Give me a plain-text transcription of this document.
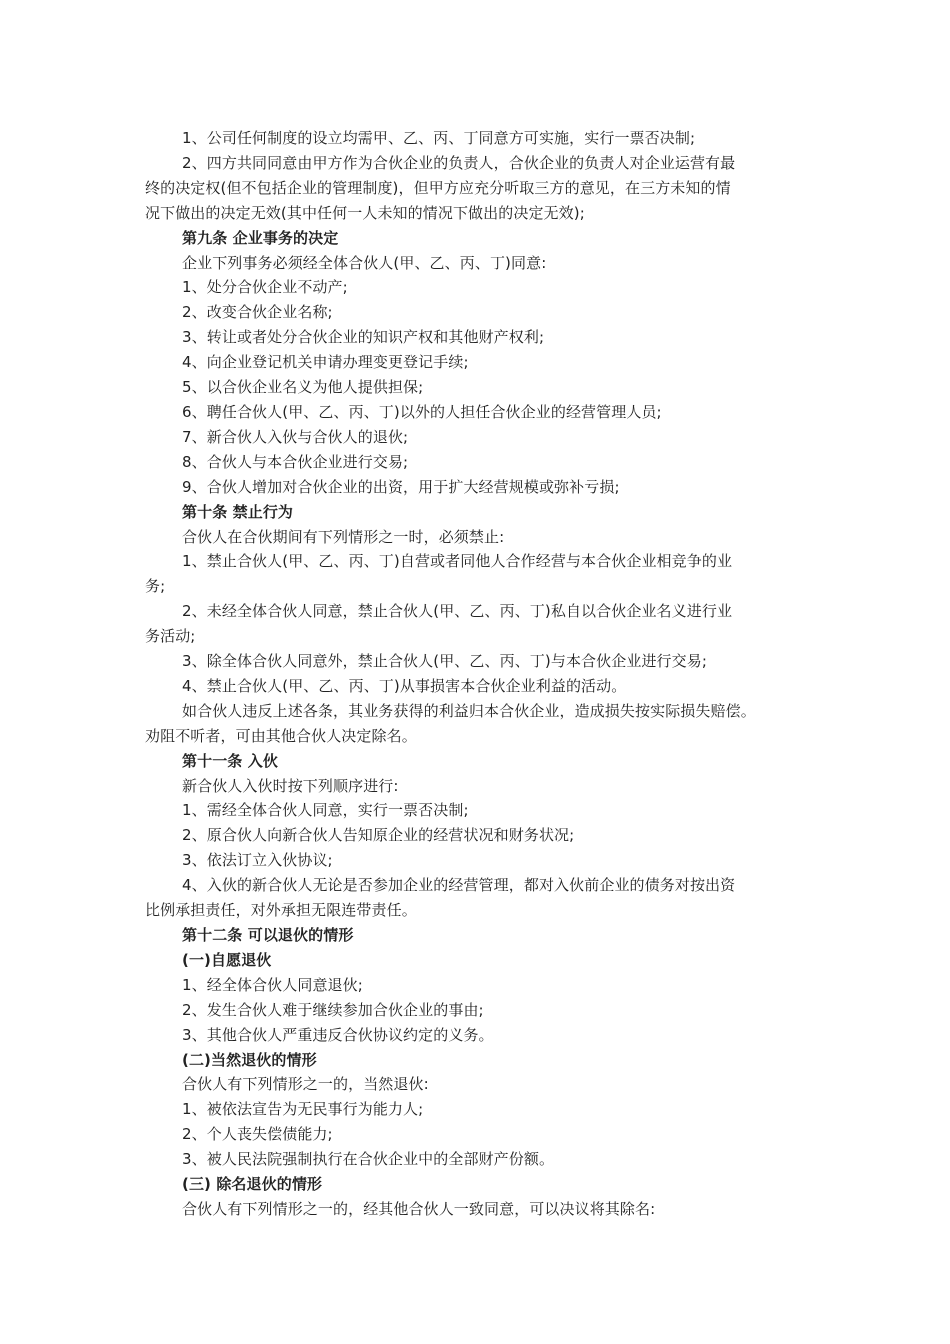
1、公司任何制度的设立均需甲、乙、丙、丁同意方可实施，实行一票否决制;
2、四方共同同意由甲方作为合伙企业的负责人，合伙企业的负责人对企业运营有最
终的决定权(但不包括企业的管理制度)，但甲方应充分听取三方的意见，在三方未知的情
况下做出的决定无效(其中任何一人未知的情况下做出的决定无效);
第九条 企业事务的决定
企业下列事务必须经全体合伙人(甲、乙、丙、丁)同意:
1、处分合伙企业不动产;
2、改变合伙企业名称;
3、转让或者处分合伙企业的知识产权和其他财产权利;
4、向企业登记机关申请办理变更登记手续;
5、以合伙企业名义为他人提供担保;
6、聘任合伙人(甲、乙、丙、丁)以外的人担任合伙企业的经营管理人员;
7、新合伙人入伙与合伙人的退伙;
8、合伙人与本合伙企业进行交易;
9、合伙人增加对合伙企业的出资，用于扩大经营规模或弥补亏损;
第十条 禁止行为
合伙人在合伙期间有下列情形之一时，必须禁止:
1、禁止合伙人(甲、乙、丙、丁)自营或者同他人合作经营与本合伙企业相竞争的业
务;
2、未经全体合伙人同意，禁止合伙人(甲、乙、丙、丁)私自以合伙企业名义进行业
务活动;
3、除全体合伙人同意外，禁止合伙人(甲、乙、丙、丁)与本合伙企业进行交易;
4、禁止合伙人(甲、乙、丙、丁)从事损害本合伙企业利益的活动。
如合伙人违反上述各条，其业务获得的利益归本合伙企业，造成损失按实际损失赔偿。
劝阻不听者，可由其他合伙人决定除名。
第十一条 入伙
新合伙人入伙时按下列顺序进行:
1、需经全体合伙人同意，实行一票否决制;
2、原合伙人向新合伙人告知原企业的经营状况和财务状况;
3、依法订立入伙协议;
4、入伙的新合伙人无论是否参加企业的经营管理，都对入伙前企业的债务对按出资
比例承担责任，对外承担无限连带责任。
第十二条 可以退伙的情形
(一)自愿退伙
1、经全体合伙人同意退伙;
2、发生合伙人难于继续参加合伙企业的事由;
3、其他合伙人严重违反合伙协议约定的义务。
(二)当然退伙的情形
合伙人有下列情形之一的，当然退伙:
1、被依法宣告为无民事行为能力人;
2、个人丧失偿债能力;
3、被人民法院强制执行在合伙企业中的全部财产份额。
(三) 除名退伙的情形
合伙人有下列情形之一的，经其他合伙人一致同意，可以决议将其除名:
